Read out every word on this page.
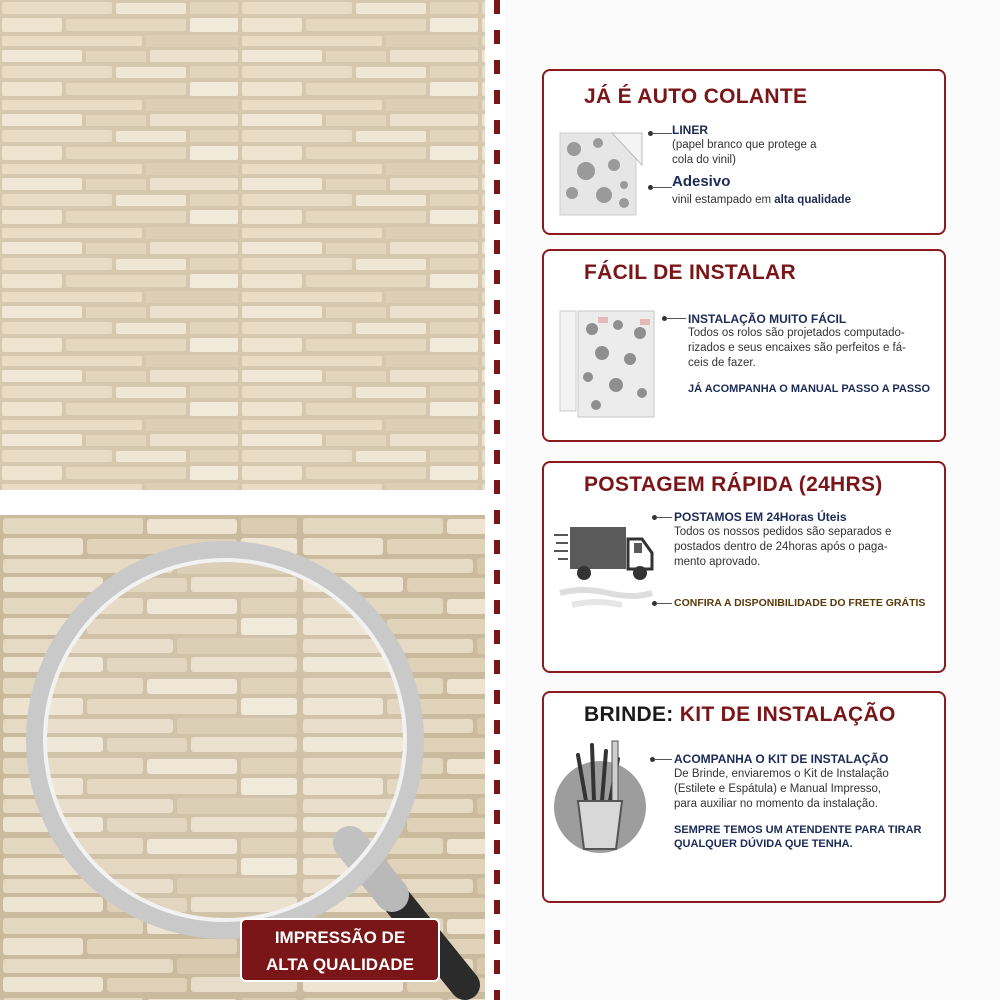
IMPRESSÃO DE
ALTA QUALIDADE
JÁ É AUTO COLANTE
LINER
(papel branco que protege a
cola do vinil)
Adesivo
vinil estampado em alta qualidade
FÁCIL DE INSTALAR
INSTALAÇÃO MUITO FÁCIL
Todos os rolos são projetados computado-
rizados e seus encaixes são perfeitos e fá-
ceis de fazer.
JÁ ACOMPANHA O MANUAL PASSO A PASSO
POSTAGEM RÁPIDA (24HRS)
POSTAMOS EM 24Horas Úteis
Todos os nossos pedidos são separados e
postados dentro de 24horas após o paga-
mento aprovado.
CONFIRA A DISPONIBILIDADE DO FRETE GRÁTIS
BRINDE: KIT DE INSTALAÇÃO
ACOMPANHA O KIT DE INSTALAÇÃO
De Brinde, enviaremos o Kit de Instalação
(Estilete e Espátula) e Manual Impresso,
para auxiliar no momento da instalação.
SEMPRE TEMOS UM ATENDENTE PARA TIRAR
QUALQUER DÚVIDA QUE TENHA.
